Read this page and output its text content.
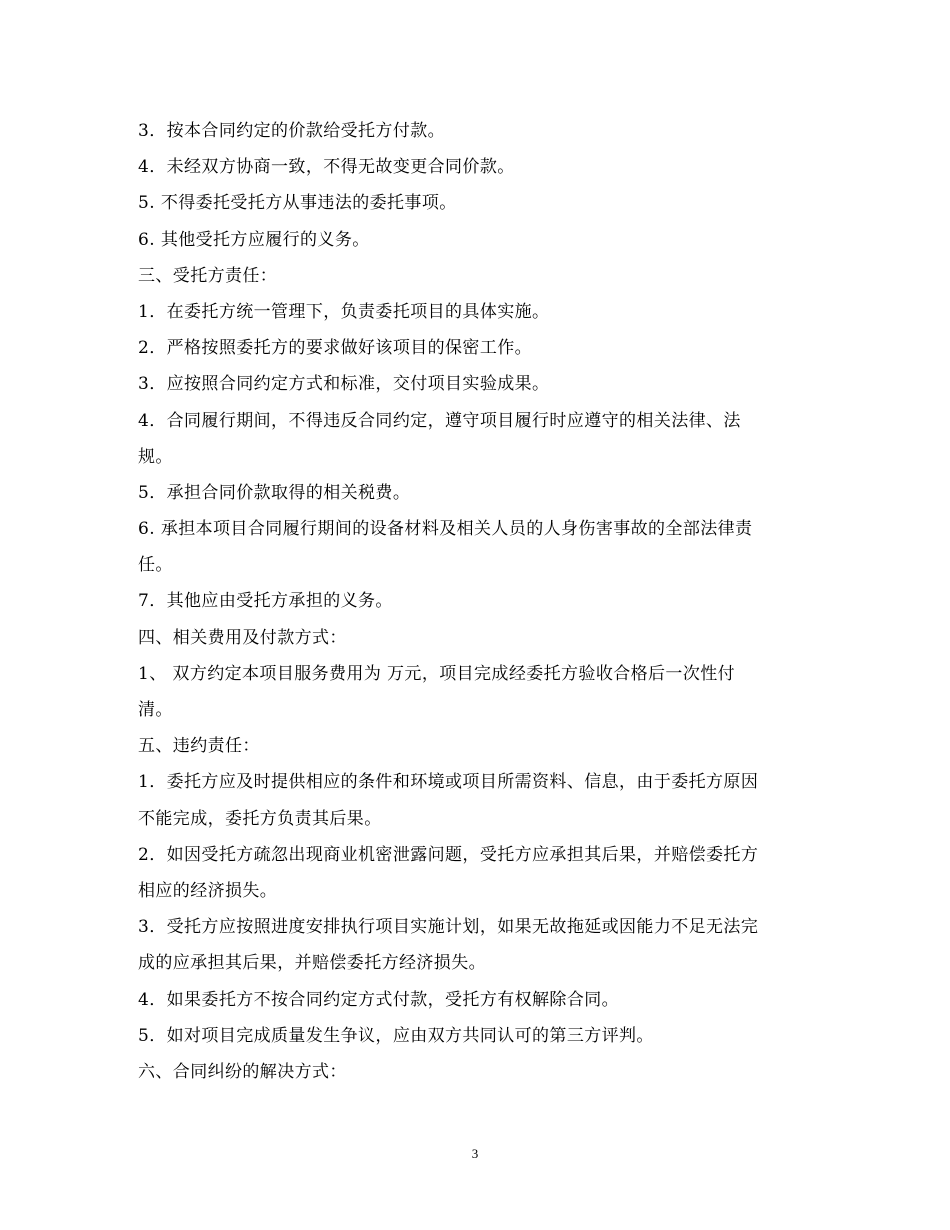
3．按本合同约定的价款给受托方付款。
4．未经双方协商一致，不得无故变更合同价款。
5. 不得委托受托方从事违法的委托事项。
6. 其他受托方应履行的义务。
三、受托方责任：
1．在委托方统一管理下，负责委托项目的具体实施。
2．严格按照委托方的要求做好该项目的保密工作。
3．应按照合同约定方式和标准，交付项目实验成果。
4．合同履行期间，不得违反合同约定，遵守项目履行时应遵守的相关法律、法
规。
5．承担合同价款取得的相关税费。
6. 承担本项目合同履行期间的设备材料及相关人员的人身伤害事故的全部法律责
任。
7．其他应由受托方承担的义务。
四、相关费用及付款方式：
1、 双方约定本项目服务费用为 万元，项目完成经委托方验收合格后一次性付
清。
五、违约责任：
1．委托方应及时提供相应的条件和环境或项目所需资料、信息，由于委托方原因
不能完成，委托方负责其后果。
2．如因受托方疏忽出现商业机密泄露问题，受托方应承担其后果，并赔偿委托方
相应的经济损失。
3．受托方应按照进度安排执行项目实施计划，如果无故拖延或因能力不足无法完
成的应承担其后果，并赔偿委托方经济损失。
4．如果委托方不按合同约定方式付款，受托方有权解除合同。
5．如对项目完成质量发生争议，应由双方共同认可的第三方评判。
六、合同纠纷的解决方式：
3
